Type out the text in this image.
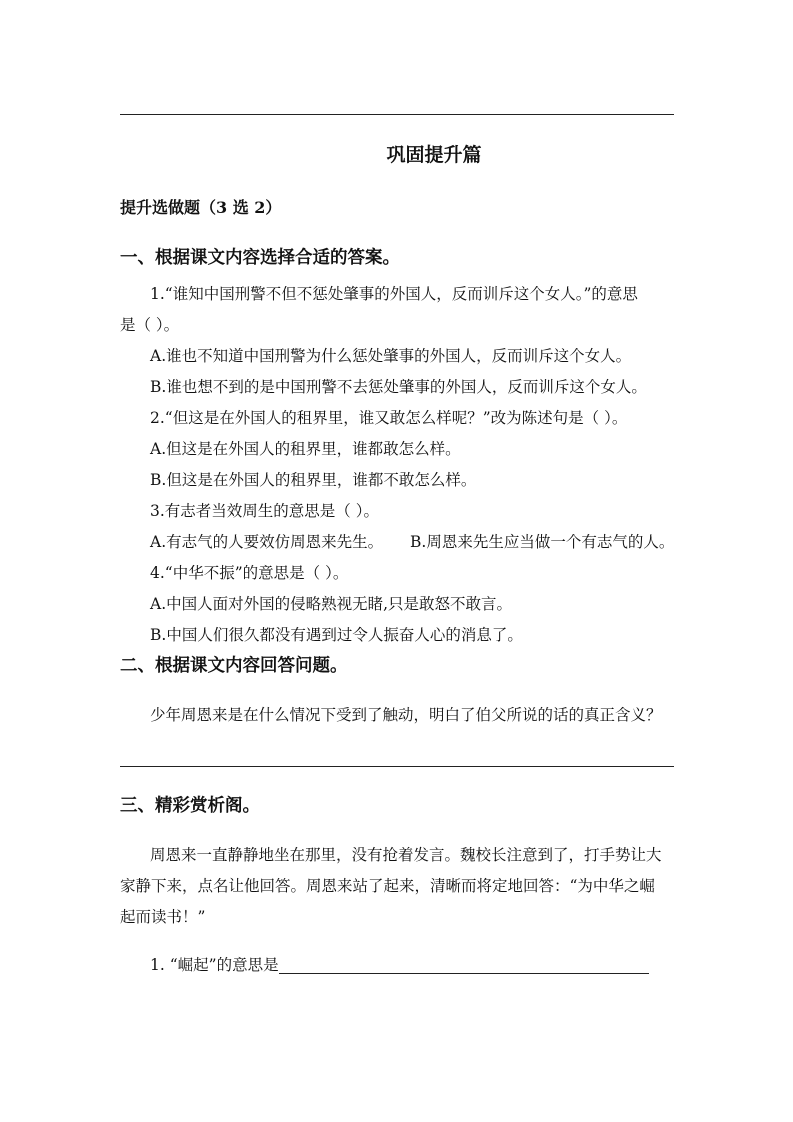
巩固提升篇
提升选做题（3 选 2）
一、根据课文内容选择合适的答案。
1.“谁知中国刑警不但不惩处肇事的外国人，反而训斥这个女人。”的意思
是（ ）。
A.谁也不知道中国刑警为什么惩处肇事的外国人，反而训斥这个女人。
B.谁也想不到的是中国刑警不去惩处肇事的外国人，反而训斥这个女人。
2.“但这是在外国人的租界里，谁又敢怎么样呢？”改为陈述句是（ ）。
A.但这是在外国人的租界里，谁都敢怎么样。
B.但这是在外国人的租界里，谁都不敢怎么样。
3.有志者当效周生的意思是（ ）。
A.有志气的人要效仿周恩来先生。 B.周恩来先生应当做一个有志气的人。
4.“中华不振”的意思是（ ）。
A.中国人面对外国的侵略熟视无睹,只是敢怒不敢言。
B.中国人们很久都没有遇到过令人振奋人心的消息了。
二、根据课文内容回答问题。
少年周恩来是在什么情况下受到了触动，明白了伯父所说的话的真正含义？
三、精彩赏析阁。
周恩来一直静静地坐在那里，没有抢着发言。魏校长注意到了，打手势让大
家静下来，点名让他回答。周恩来站了起来，清晰而将定地回答：“为中华之崛
起而读书！”
1. “崛起”的意思是
